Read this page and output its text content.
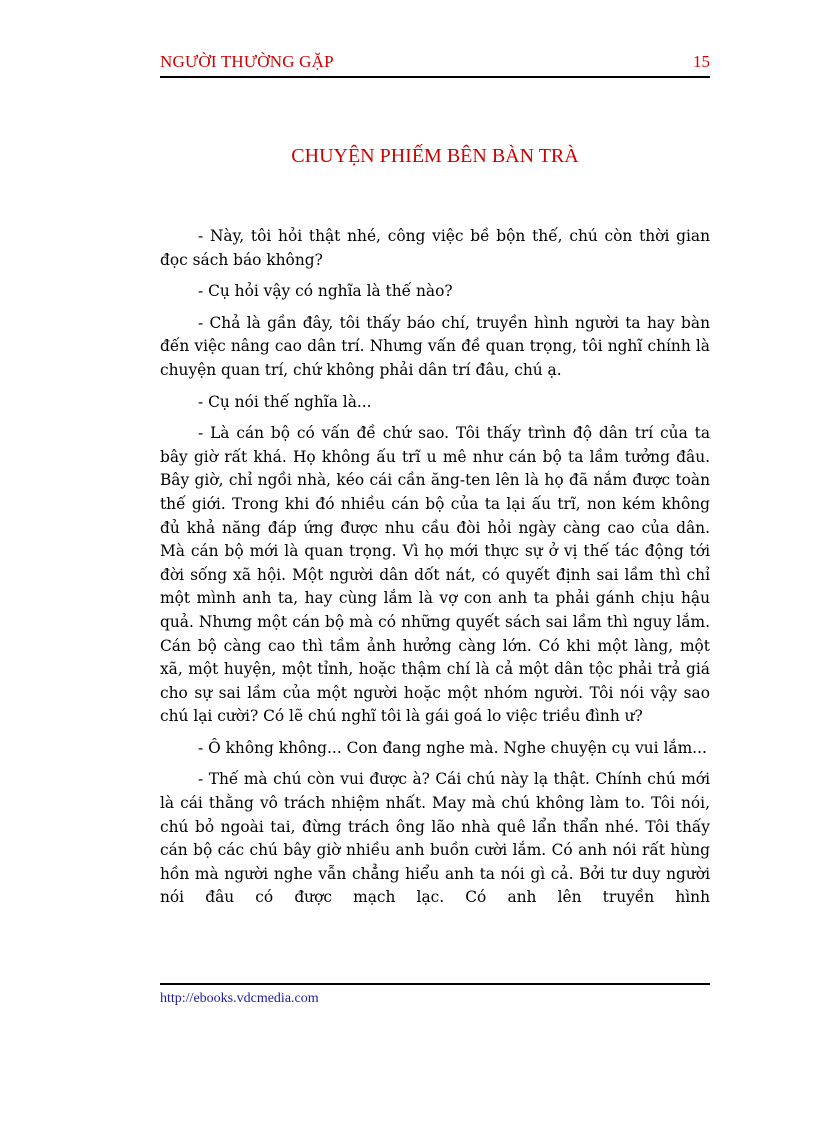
NGƯỜI THƯỜNG GẶP	15
CHUYỆN PHIẾM BÊN BÀN TRÀ

- Này, tôi hỏi thật nhé, công việc bề bộn thế, chú còn thời gian đọc sách báo không?

- Cụ hỏi vậy có nghĩa là thế nào?

- Chả là gần đây, tôi thấy báo chí, truyền hình người ta hay bàn đến việc nâng cao dân trí. Nhưng vấn đề quan trọng, tôi nghĩ chính là chuyện quan trí, chứ không phải dân trí đâu, chú ạ.

- Cụ nói thế nghĩa là...

- Là cán bộ có vấn đề chứ sao. Tôi thấy trình độ dân trí của ta bây giờ rất khá. Họ không ấu trĩ u mê như cán bộ ta lầm tưởng đâu. Bây giờ, chỉ ngồi nhà, kéo cái cần ăng-ten lên là họ đã nắm được toàn thế giới. Trong khi đó nhiều cán bộ của ta lại ấu trĩ, non kém không đủ khả năng đáp ứng được nhu cầu đòi hỏi ngày càng cao của dân. Mà cán bộ mới là quan trọng. Vì họ mới thực sự ở vị thế tác động tới đời sống xã hội. Một người dân dốt nát, có quyết định sai lầm thì chỉ một mình anh ta, hay cùng lắm là vợ con anh ta phải gánh chịu hậu quả. Nhưng một cán bộ mà có những quyết sách sai lầm thì nguy lắm. Cán bộ càng cao thì tầm ảnh hưởng càng lớn. Có khi một làng, một xã, một huyện, một tỉnh, hoặc thậm chí là cả một dân tộc phải trả giá cho sự sai lầm của một người hoặc một nhóm người. Tôi nói vậy sao chú lại cười? Có lẽ chú nghĩ tôi là gái goá lo việc triều đình ư?

- Ô không không... Con đang nghe mà. Nghe chuyện cụ vui lắm...

- Thế mà chú còn vui được à? Cái chú này lạ thật. Chính chú mới là cái thằng vô trách nhiệm nhất. May mà chú không làm to. Tôi nói, chú bỏ ngoài tai, đừng trách ông lão nhà quê lẩn thẩn nhé. Tôi thấy cán bộ các chú bây giờ nhiều anh buồn cười lắm. Có anh nói rất hùng hồn mà người nghe vẫn chẳng hiểu anh ta nói gì cả. Bởi tư duy người nói đâu có được mạch lạc. Có anh lên truyền hình

http://ebooks.vdcmedia.com
